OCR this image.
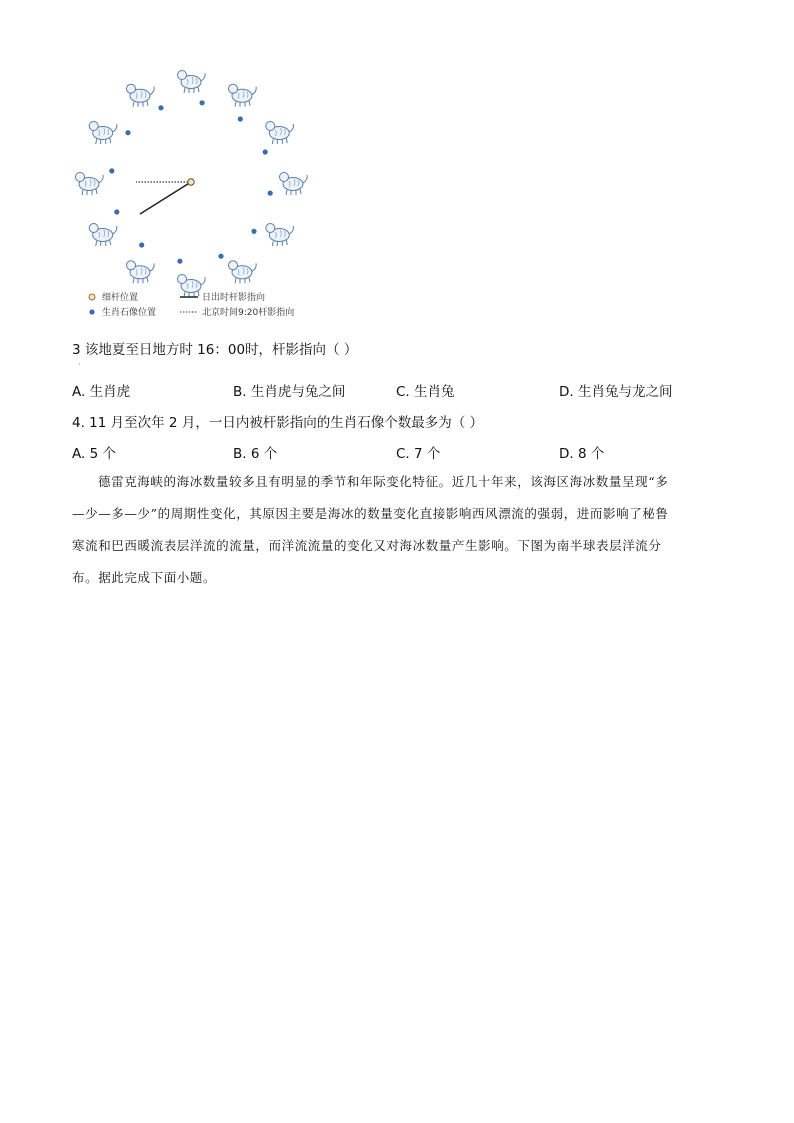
细杆位置	日出时杆影指向
生肖石像位置	北京时间9:20杆影指向
·
3 该地夏至日地方时 16：00时，杆影指向（ ）
A. 生肖虎	B. 生肖虎与兔之间	C. 生肖兔	D. 生肖兔与龙之间
4. 11 月至次年 2 月，一日内被杆影指向的生肖石像个数最多为（ ）
A. 5 个	B. 6 个	C. 7 个	D. 8 个
德雷克海峡的海冰数量较多且有明显的季节和年际变化特征。近几十年来，该海区海冰数量呈现“多
—少—多—少”的周期性变化，其原因主要是海冰的数量变化直接影响西风漂流的强弱，进而影响了秘鲁
寒流和巴西暖流表层洋流的流量，而洋流流量的变化又对海冰数量产生影响。下图为南半球表层洋流分
布。据此完成下面小题。
